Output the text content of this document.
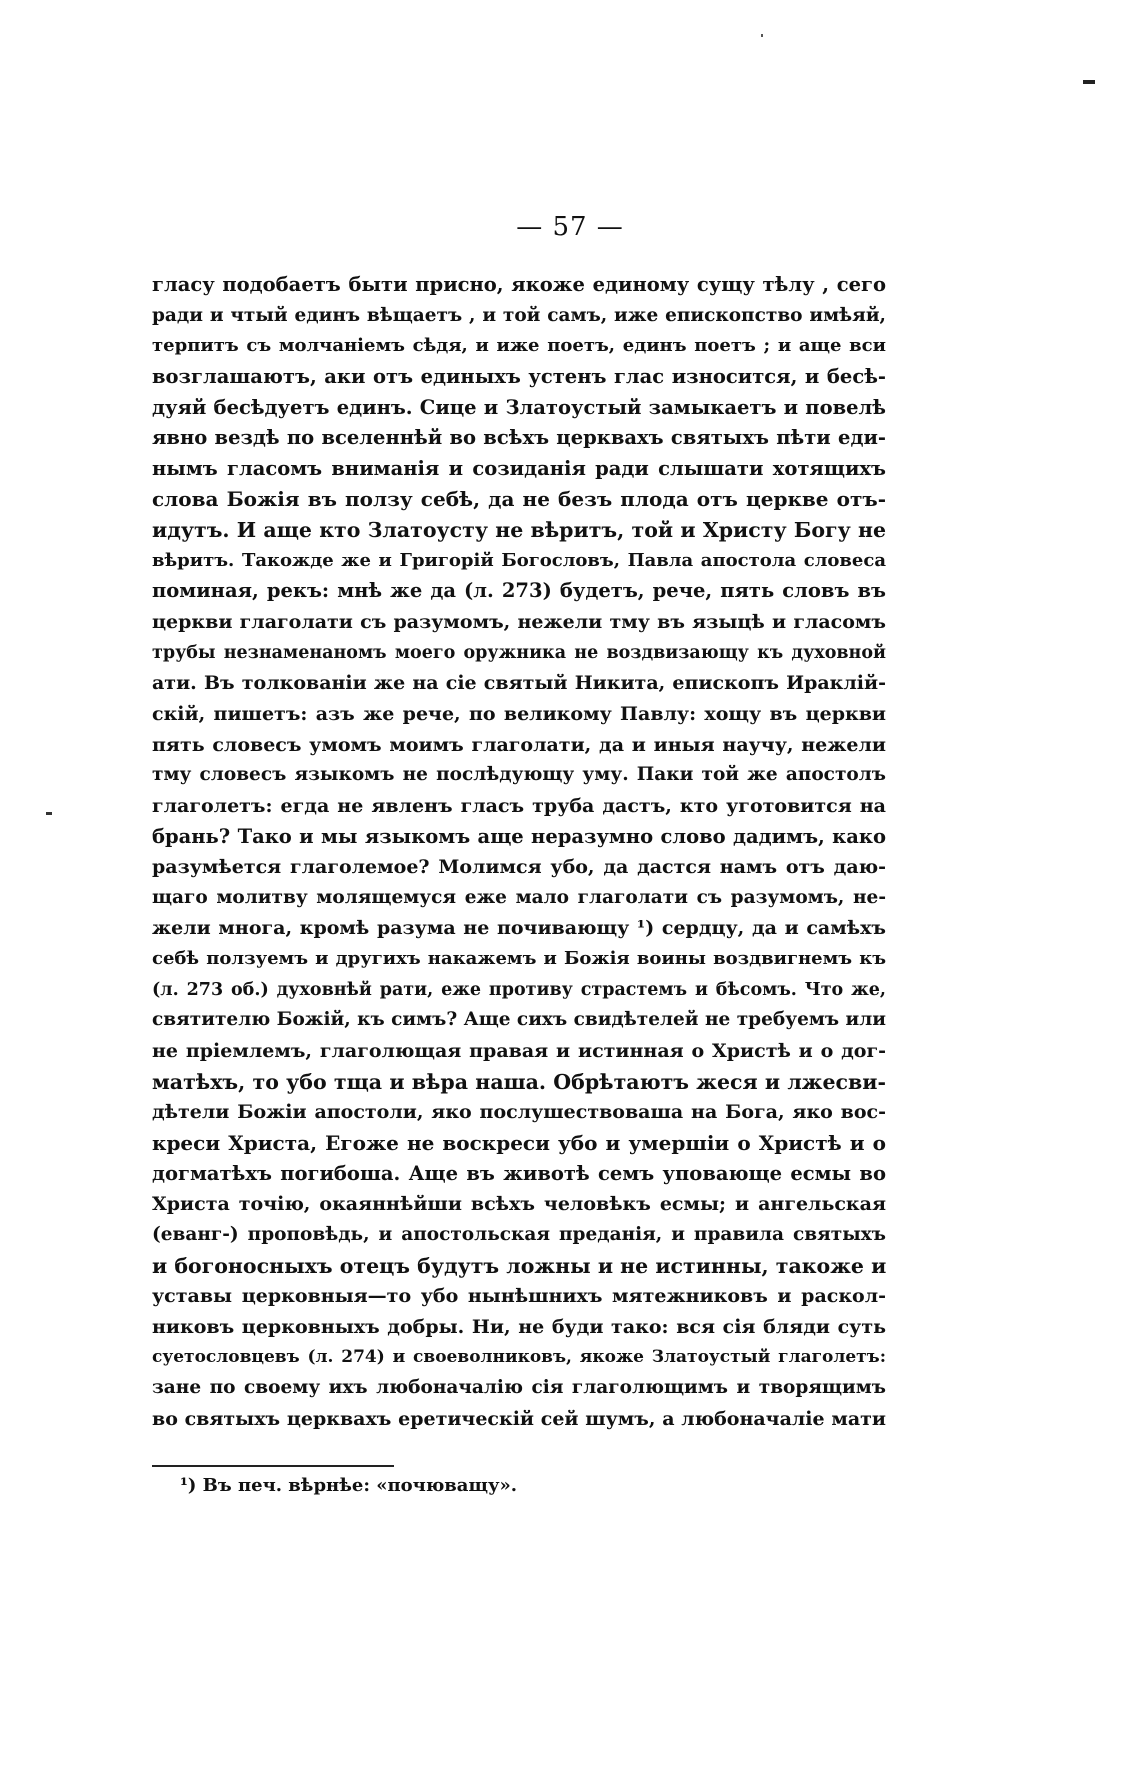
— 57 —
гласу подобаетъ быти присно, якоже единому сущу тѣлу , сего
ради и чтый единъ вѣщаетъ , и той самъ, иже епископство имѣяй,
терпитъ съ молчаніемъ сѣдя, и иже поетъ, единъ поетъ ; и аще вси
возглашаютъ, аки отъ единыхъ устенъ глас износится, и бесѣ-
дуяй бесѣдуетъ единъ. Сице и Златоустый замыкаетъ и повелѣ
явно вездѣ по вселеннѣй во всѣхъ церквахъ святыхъ пѣти еди-
нымъ гласомъ вниманія и созиданія ради слышати хотящихъ
слова Божія въ ползу себѣ, да не безъ плода отъ церкве отъ-
идутъ. И аще кто Златоусту не вѣритъ, той и Христу Богу не
вѣритъ. Такожде же и Григорій Богословъ, Павла апостола словеса
поминая, рекъ: мнѣ же да (л. 273) будетъ, рече, пять словъ въ
церкви глаголати съ разумомъ, нежели тму въ языцѣ и гласомъ
трубы незнаменаномъ моего оружника не воздвизающу къ духовной
ати. Въ толкованіи же на сіе святый Никита, епископъ Ираклій-
скій, пишетъ: азъ же рече, по великому Павлу: хощу въ церкви
пять словесъ умомъ моимъ глаголати, да и иныя научу, нежели
тму словесъ языкомъ не послѣдующу уму. Паки той же апостолъ
глаголетъ: егда не явленъ гласъ труба дастъ, кто уготовится на
брань? Тако и мы языкомъ аще неразумно слово дадимъ, како
разумѣется глаголемое? Молимся убо, да дастся намъ отъ даю-
щаго молитву молящемуся еже мало глаголати съ разумомъ, не-
жели многа, кромѣ разума не почивающу ¹) сердцу, да и самѣхъ
себѣ ползуемъ и другихъ накажемъ и Божія воины воздвигнемъ къ
(л. 273 об.) духовнѣй рати, еже противу страстемъ и бѣсомъ. Что же,
святителю Божій, къ симъ? Аще сихъ свидѣтелей не требуемъ или
не пріемлемъ, глаголющая правая и истинная о Христѣ и о дог-
матѣхъ, то убо тща и вѣра наша. Обрѣтаютъ жеся и лжесви-
дѣтели Божіи апостоли, яко послушествоваша на Бога, яко вос-
креси Христа, Егоже не воскреси убо и умершіи о Христѣ и о
догматѣхъ погибоша. Аще въ животѣ семъ уповающе есмы во
Христа точію, окаяннѣйши всѣхъ человѣкъ есмы; и ангельская
(еванг-) проповѣдь, и апостольская преданія, и правила святыхъ
и богоносныхъ отецъ будутъ ложны и не истинны, такоже и
уставы церковныя—то убо нынѣшнихъ мятежниковъ и раскол-
никовъ церковныхъ добры. Ни, не буди тако: вся сія бляди суть
суетословцевъ (л. 274) и своеволниковъ, якоже Златоустый глаголетъ:
зане по своему ихъ любоначалію сія глаголющимъ и творящимъ
во святыхъ церквахъ еретическій сей шумъ, а любоначаліе мати
¹) Въ печ. вѣрнѣе: «почюващу».
